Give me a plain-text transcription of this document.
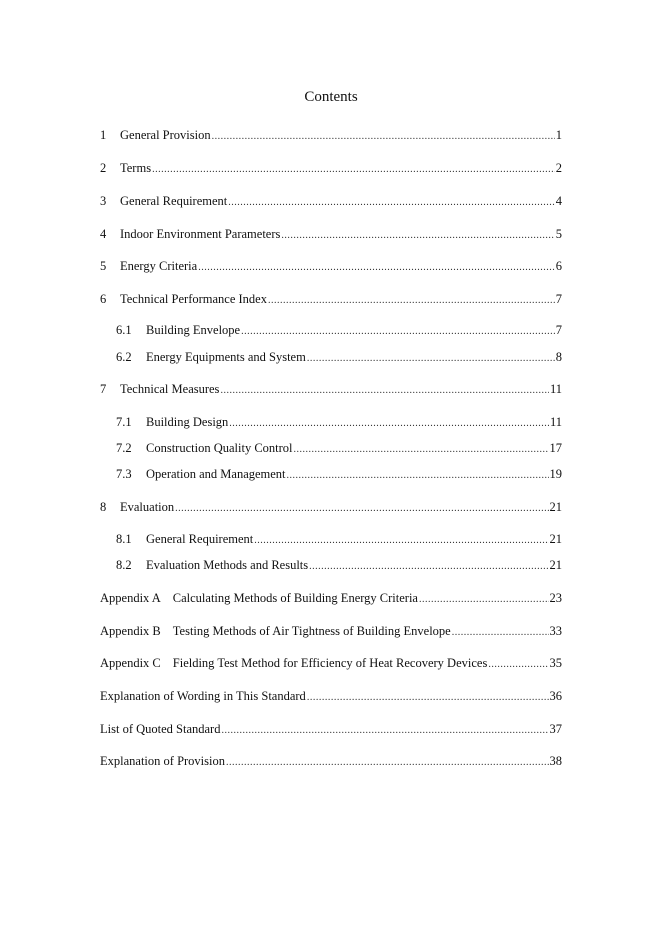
Contents
1	General Provision .....	1
2	Terms .....	2
3	General Requirement .....	4
4	Indoor Environment Parameters .....	5
5	Energy Criteria .....	6
6	Technical Performance Index .....	7
6.1	Building Envelope .....	7
6.2	Energy Equipments and System .....	8
7	Technical Measures .....	11
7.1	Building Design .....	11
7.2	Construction Quality Control .....	17
7.3	Operation and Management .....	19
8	Evaluation .....	21
8.1	General Requirement .....	21
8.2	Evaluation Methods and Results .....	21
Appendix A Calculating Methods of Building Energy Criteria .....	23
Appendix B Testing Methods of Air Tightness of Building Envelope .....	33
Appendix C Fielding Test Method for Efficiency of Heat Recovery Devices .....	35
Explanation of Wording in This Standard .....	36
List of Quoted Standard .....	37
Explanation of Provision .....	38
